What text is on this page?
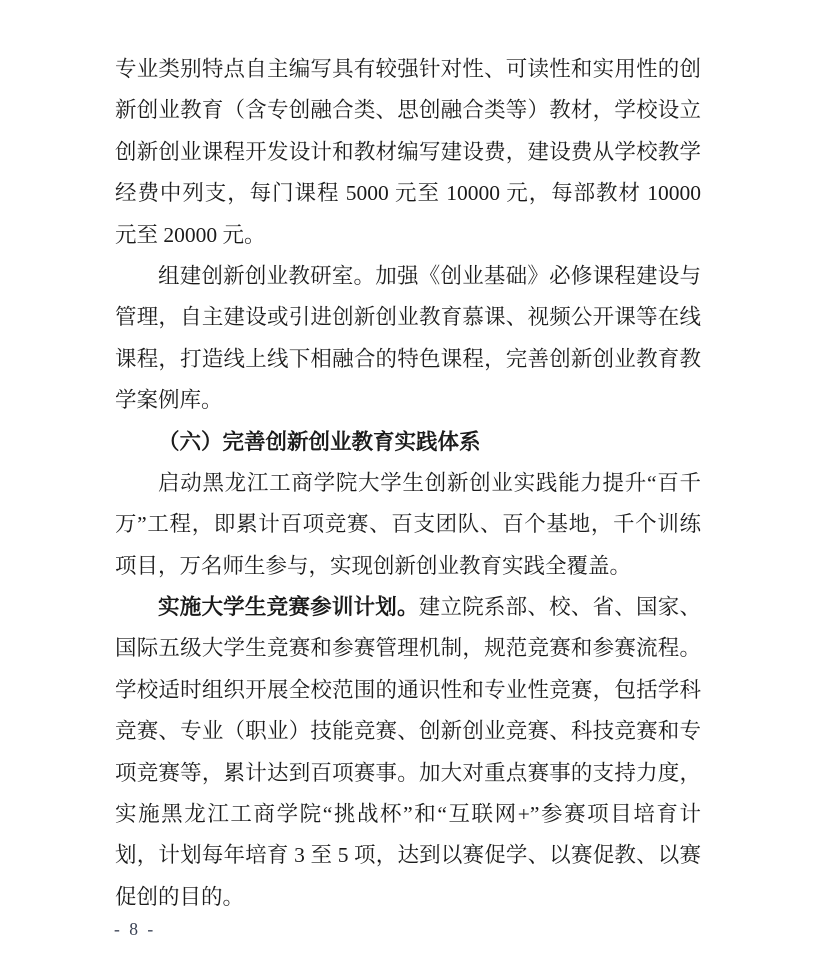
专业类别特点自主编写具有较强针对性、可读性和实用性的创
新创业教育（含专创融合类、思创融合类等）教材，学校设立
创新创业课程开发设计和教材编写建设费，建设费从学校教学
经费中列支，每门课程 5000 元至 10000 元，每部教材 10000
元至 20000 元。
组建创新创业教研室。加强《创业基础》必修课程建设与
管理，自主建设或引进创新创业教育慕课、视频公开课等在线
课程，打造线上线下相融合的特色课程，完善创新创业教育教
学案例库。
（六）完善创新创业教育实践体系
启动黑龙江工商学院大学生创新创业实践能力提升“百千
万”工程，即累计百项竞赛、百支团队、百个基地，千个训练
项目，万名师生参与，实现创新创业教育实践全覆盖。
实施大学生竞赛参训计划。建立院系部、校、省、国家、
国际五级大学生竞赛和参赛管理机制，规范竞赛和参赛流程。
学校适时组织开展全校范围的通识性和专业性竞赛，包括学科
竞赛、专业（职业）技能竞赛、创新创业竞赛、科技竞赛和专
项竞赛等，累计达到百项赛事。加大对重点赛事的支持力度，
实施黑龙江工商学院“挑战杯”和“互联网+”参赛项目培育计
划，计划每年培育 3 至 5 项，达到以赛促学、以赛促教、以赛
促创的目的。
- 8 -
